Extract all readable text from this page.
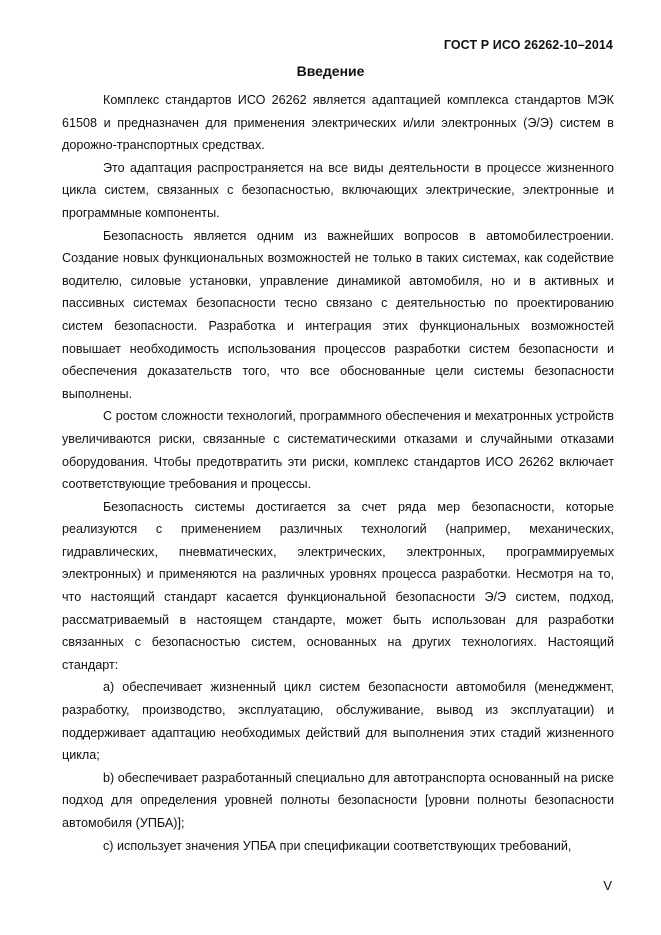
ГОСТ Р ИСО 26262-10–2014
Введение

Комплекс стандартов ИСО 26262 является адаптацией комплекса стандартов МЭК 61508 и предназначен для применения электрических и/или электронных (Э/Э) систем в дорожно-транспортных средствах.

Это адаптация распространяется на все виды деятельности в процессе жизненного цикла систем, связанных с безопасностью, включающих электрические, электронные и программные компоненты.

Безопасность является одним из важнейших вопросов в автомобилестроении. Создание новых функциональных возможностей не только в таких системах, как содействие водителю, силовые установки, управление динамикой автомобиля, но и в активных и пассивных системах безопасности тесно связано с деятельностью по проектированию систем безопасности. Разработка и интеграция этих функциональных возможностей повышает необходимость использования процессов разработки систем безопасности и обеспечения доказательств того, что все обоснованные цели системы безопасности выполнены.

С ростом сложности технологий, программного обеспечения и мехатронных устройств увеличиваются риски, связанные с систематическими отказами и случайными отказами оборудования. Чтобы предотвратить эти риски, комплекс стандартов ИСО 26262 включает соответствующие требования и процессы.

Безопасность системы достигается за счет ряда мер безопасности, которые реализуются с применением различных технологий (например, механических, гидравлических, пневматических, электрических, электронных, программируемых электронных) и применяются на различных уровнях процесса разработки. Несмотря на то, что настоящий стандарт касается функциональной безопасности Э/Э систем, подход, рассматриваемый в настоящем стандарте, может быть использован для разработки связанных с безопасностью систем, основанных на других технологиях. Настоящий стандарт:

a) обеспечивает жизненный цикл систем безопасности автомобиля (менеджмент, разработку, производство, эксплуатацию, обслуживание, вывод из эксплуатации) и поддерживает адаптацию необходимых действий для выполнения этих стадий жизненного цикла;

b) обеспечивает разработанный специально для автотранспорта основанный на риске подход для определения уровней полноты безопасности [уровни полноты безопасности автомобиля (УПБА)];

c) использует значения УПБА при спецификации соответствующих требований,

V
